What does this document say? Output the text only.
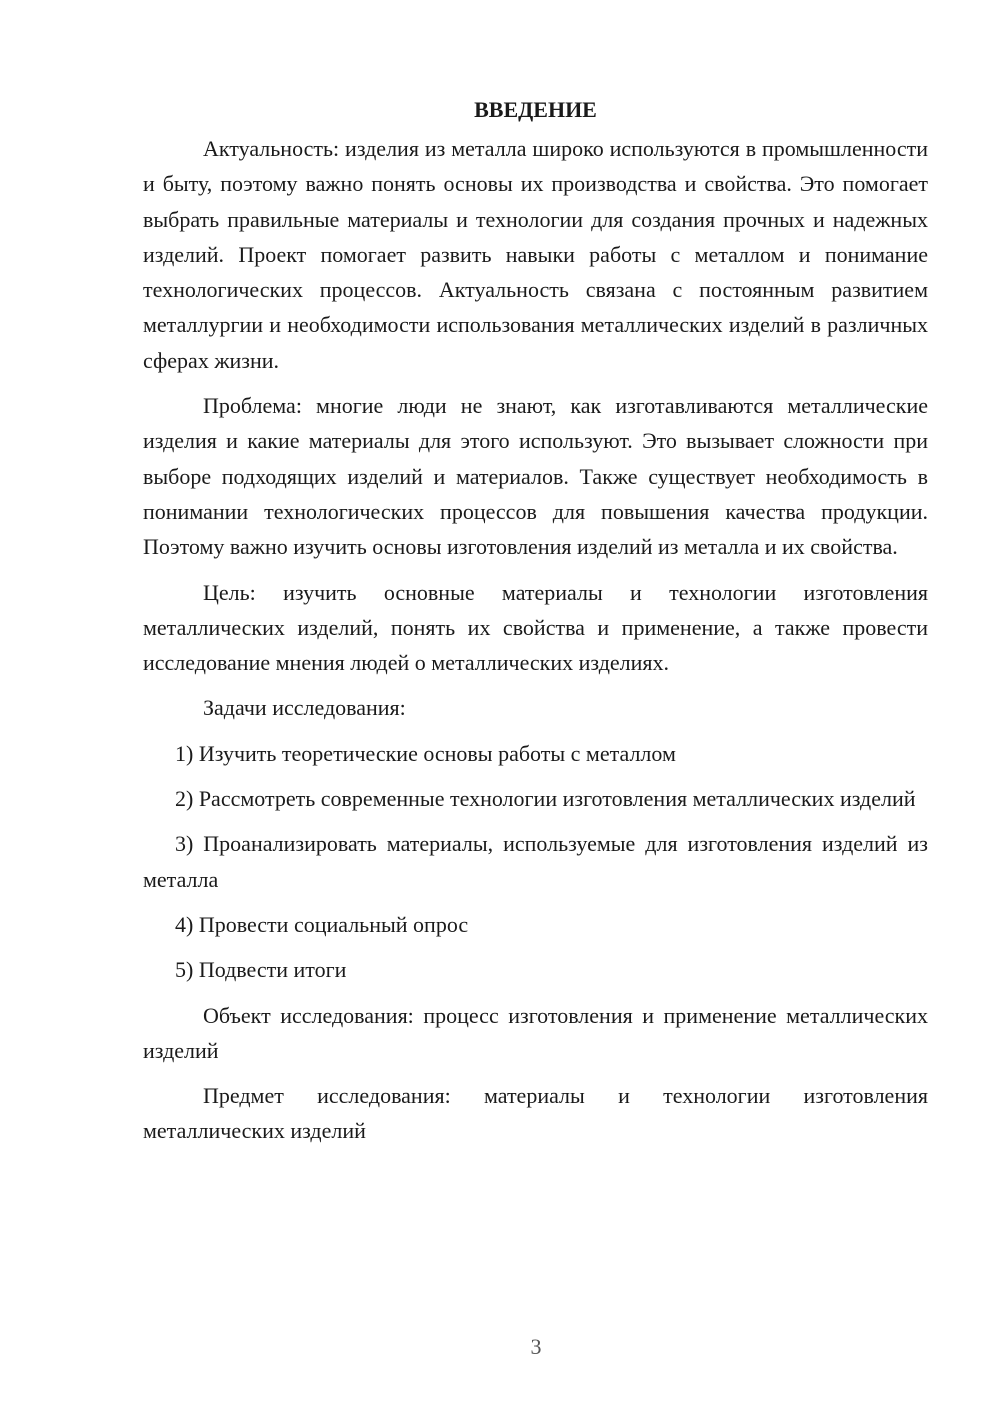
ВВЕДЕНИЕ

Актуальность: изделия из металла широко используются в промышленности и быту, поэтому важно понять основы их производства и свойства. Это помогает выбрать правильные материалы и технологии для создания прочных и надежных изделий. Проект помогает развить навыки работы с металлом и понимание технологических процессов. Актуальность связана с постоянным развитием металлургии и необходимости использования металлических изделий в различных сферах жизни.

Проблема: многие люди не знают, как изготавливаются металлические изделия и какие материалы для этого используют. Это вызывает сложности при выборе подходящих изделий и материалов. Также существует необходимость в понимании технологических процессов для повышения качества продукции. Поэтому важно изучить основы изготовления изделий из металла и их свойства.

Цель: изучить основные материалы и технологии изготовления металлических изделий, понять их свойства и применение, а также провести исследование мнения людей о металлических изделиях.

Задачи исследования:

1) Изучить теоретические основы работы с металлом

2) Рассмотреть современные технологии изготовления металлических изделий

3) Проанализировать материалы, используемые для изготовления изделий из металла

4) Провести социальный опрос

5) Подвести итоги

Объект исследования: процесс изготовления и применение металлических изделий

Предмет исследования: материалы и технологии изготовления металлических изделий

3
